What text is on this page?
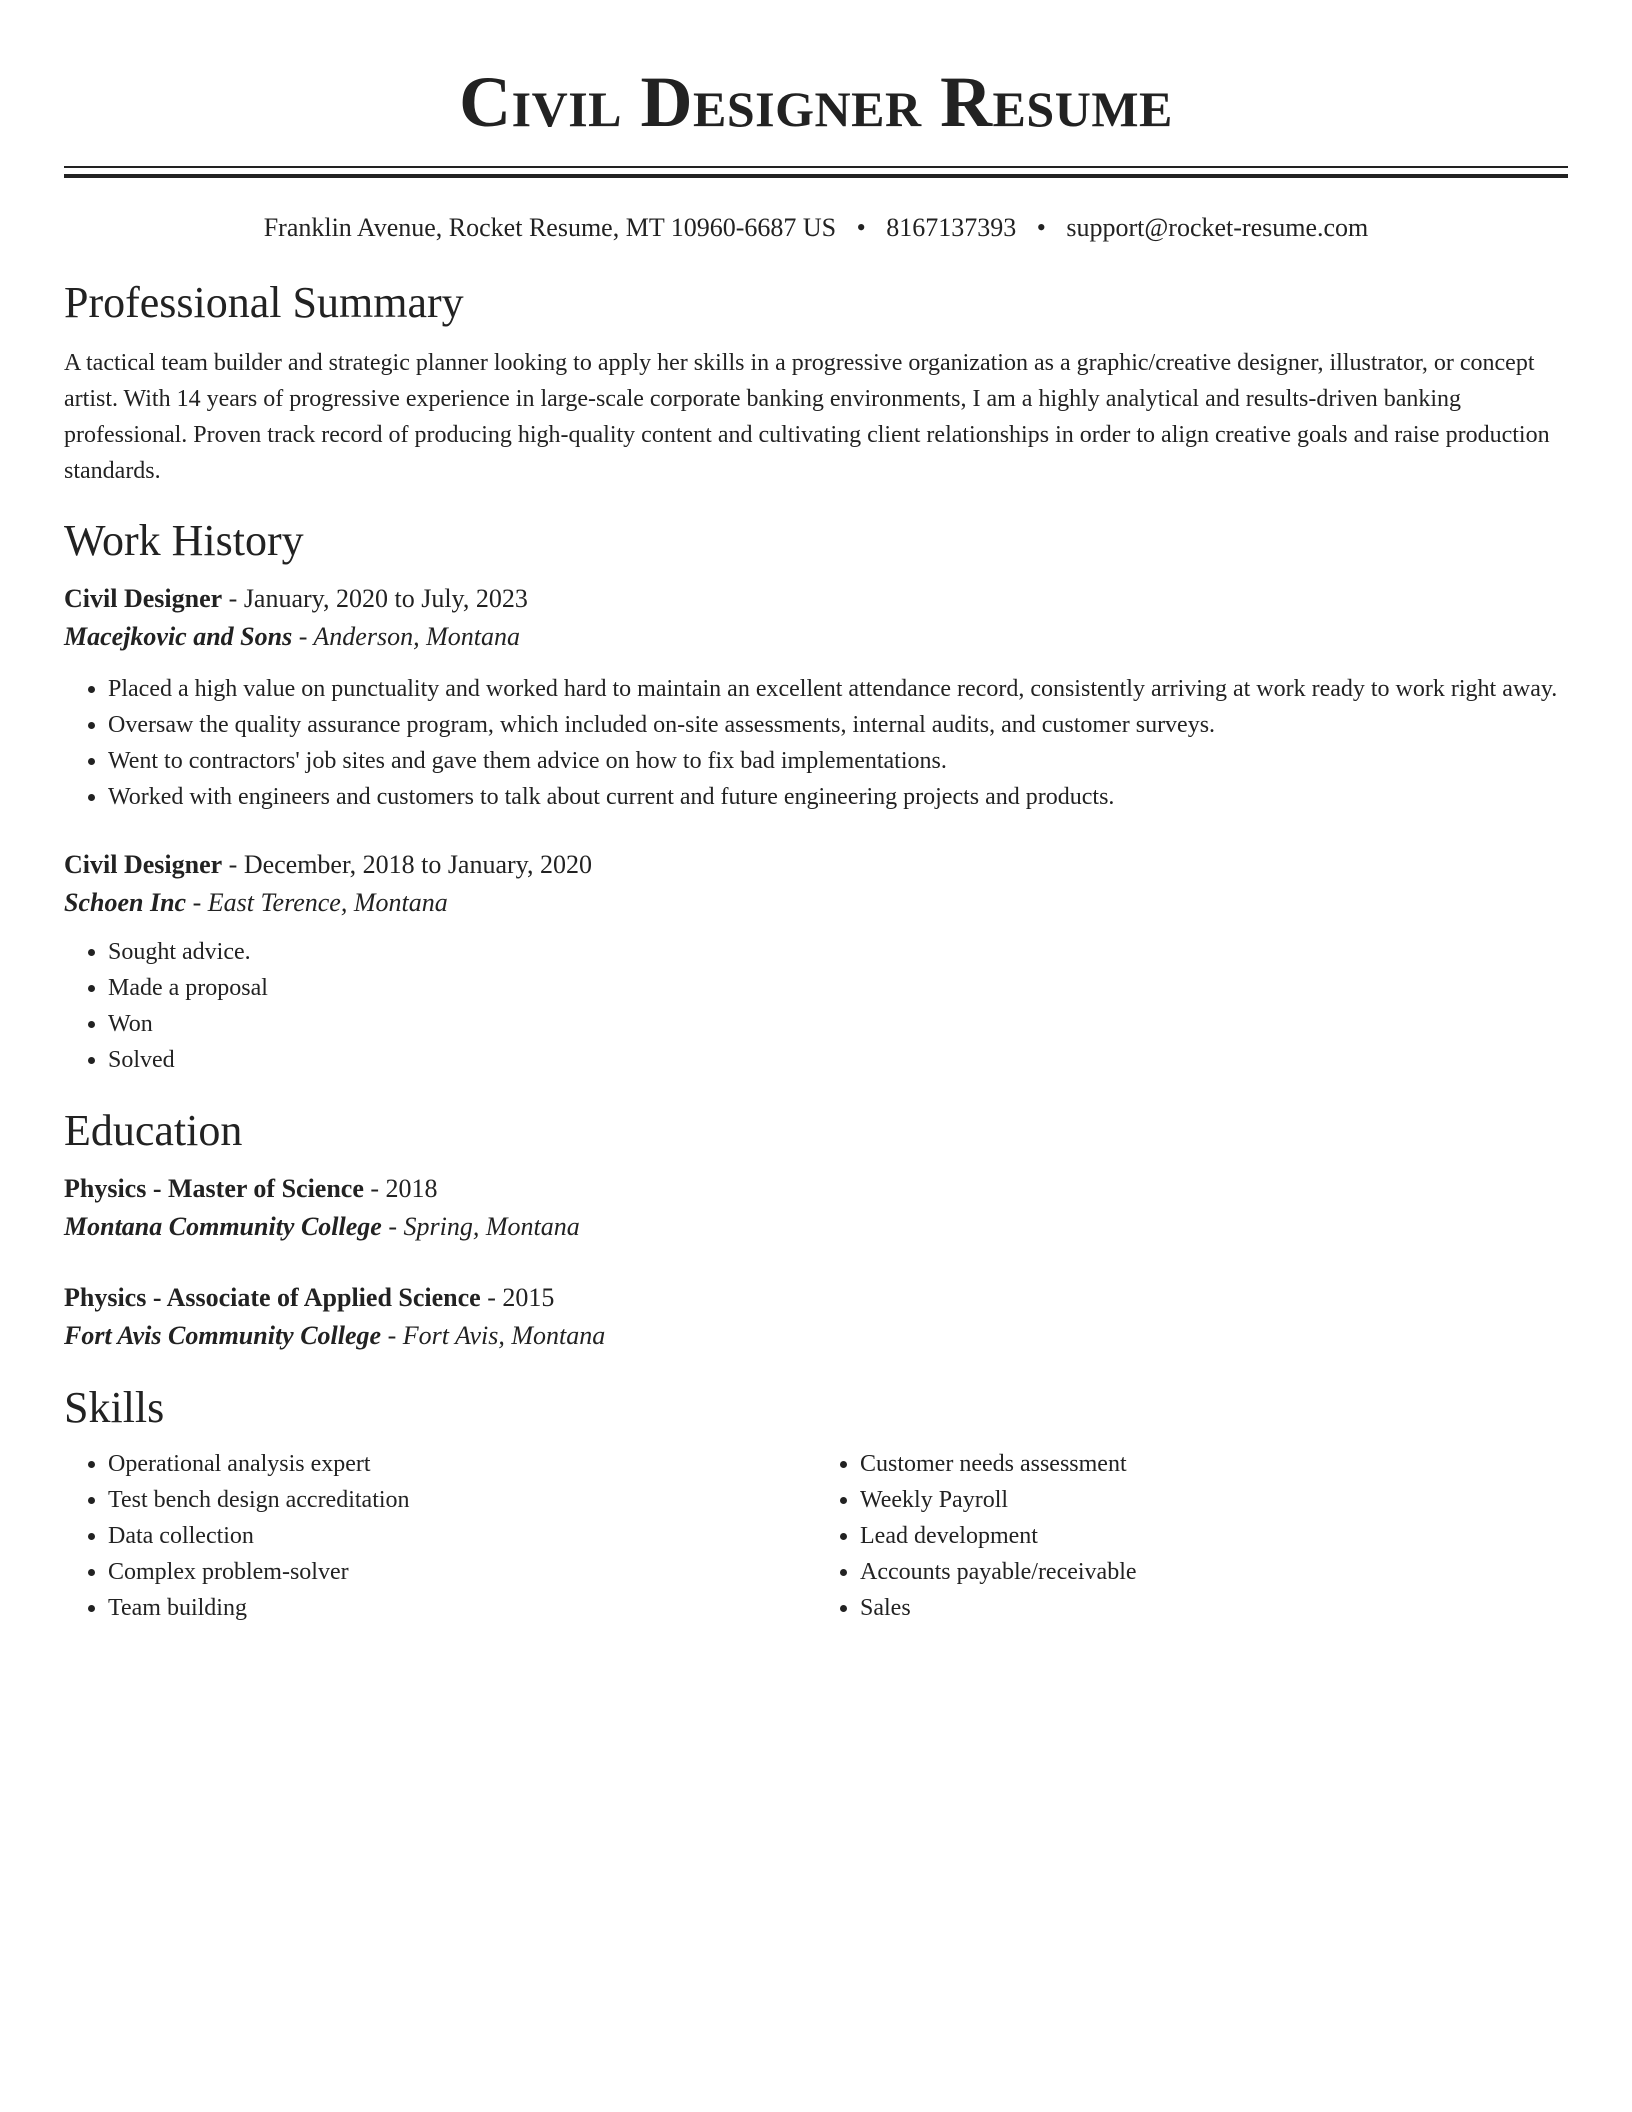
Civil Designer Resume
Franklin Avenue, Rocket Resume, MT 10960-6687 US • 8167137393 • support@rocket-resume.com
Professional Summary

A tactical team builder and strategic planner looking to apply her skills in a progressive organization as a graphic/creative designer, illustrator, or concept artist. With 14 years of progressive experience in large-scale corporate banking environments, I am a highly analytical and results-driven banking professional. Proven track record of producing high-quality content and cultivating client relationships in order to align creative goals and raise production standards.

Work History
Civil Designer - January, 2020 to July, 2023
Macejkovic and Sons - Anderson, Montana
• Placed a high value on punctuality and worked hard to maintain an excellent attendance record, consistently arriving at work ready to work right away.
• Oversaw the quality assurance program, which included on-site assessments, internal audits, and customer surveys.
• Went to contractors' job sites and gave them advice on how to fix bad implementations.
• Worked with engineers and customers to talk about current and future engineering projects and products.
Civil Designer - December, 2018 to January, 2020
Schoen Inc - East Terence, Montana
• Sought advice.
• Made a proposal
• Won
• Solved
Education
Physics - Master of Science - 2018
Montana Community College - Spring, Montana
Physics - Associate of Applied Science - 2015
Fort Avis Community College - Fort Avis, Montana
Skills
• Operational analysis expert
• Test bench design accreditation
• Data collection
• Complex problem-solver
• Team building
• Customer needs assessment
• Weekly Payroll
• Lead development
• Accounts payable/receivable
• Sales
